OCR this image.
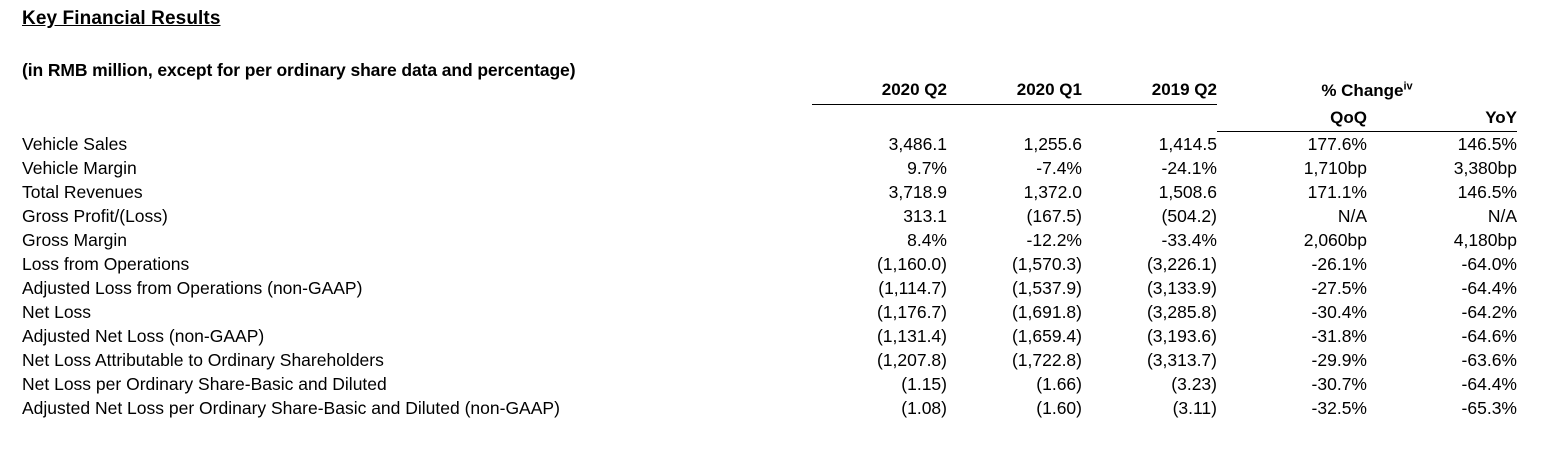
Key Financial Results
(in RMB million, except for per ordinary share data and percentage)
	2020 Q2	2020 Q1	2019 Q2	% Change$^{iv}$

				QoQ	YoY
Vehicle Sales	3,486.1	1,255.6	1,414.5	177.6%	146.5%
Vehicle Margin	9.7%	-7.4%	-24.1%	1,710bp	3,380bp
Total Revenues	3,718.9	1,372.0	1,508.6	171.1%	146.5%
Gross Profit/(Loss)	313.1	(167.5)	(504.2)	N/A	N/A
Gross Margin	8.4%	-12.2%	-33.4%	2,060bp	4,180bp
Loss from Operations	(1,160.0)	(1,570.3)	(3,226.1)	-26.1%	-64.0%
Adjusted Loss from Operations (non-GAAP)	(1,114.7)	(1,537.9)	(3,133.9)	-27.5%	-64.4%
Net Loss	(1,176.7)	(1,691.8)	(3,285.8)	-30.4%	-64.2%
Adjusted Net Loss (non-GAAP)	(1,131.4)	(1,659.4)	(3,193.6)	-31.8%	-64.6%
Net Loss Attributable to Ordinary Shareholders	(1,207.8)	(1,722.8)	(3,313.7)	-29.9%	-63.6%
Net Loss per Ordinary Share-Basic and Diluted	(1.15)	(1.66)	(3.23)	-30.7%	-64.4%
Adjusted Net Loss per Ordinary Share-Basic and Diluted (non-GAAP)	(1.08)	(1.60)	(3.11)	-32.5%	-65.3%
